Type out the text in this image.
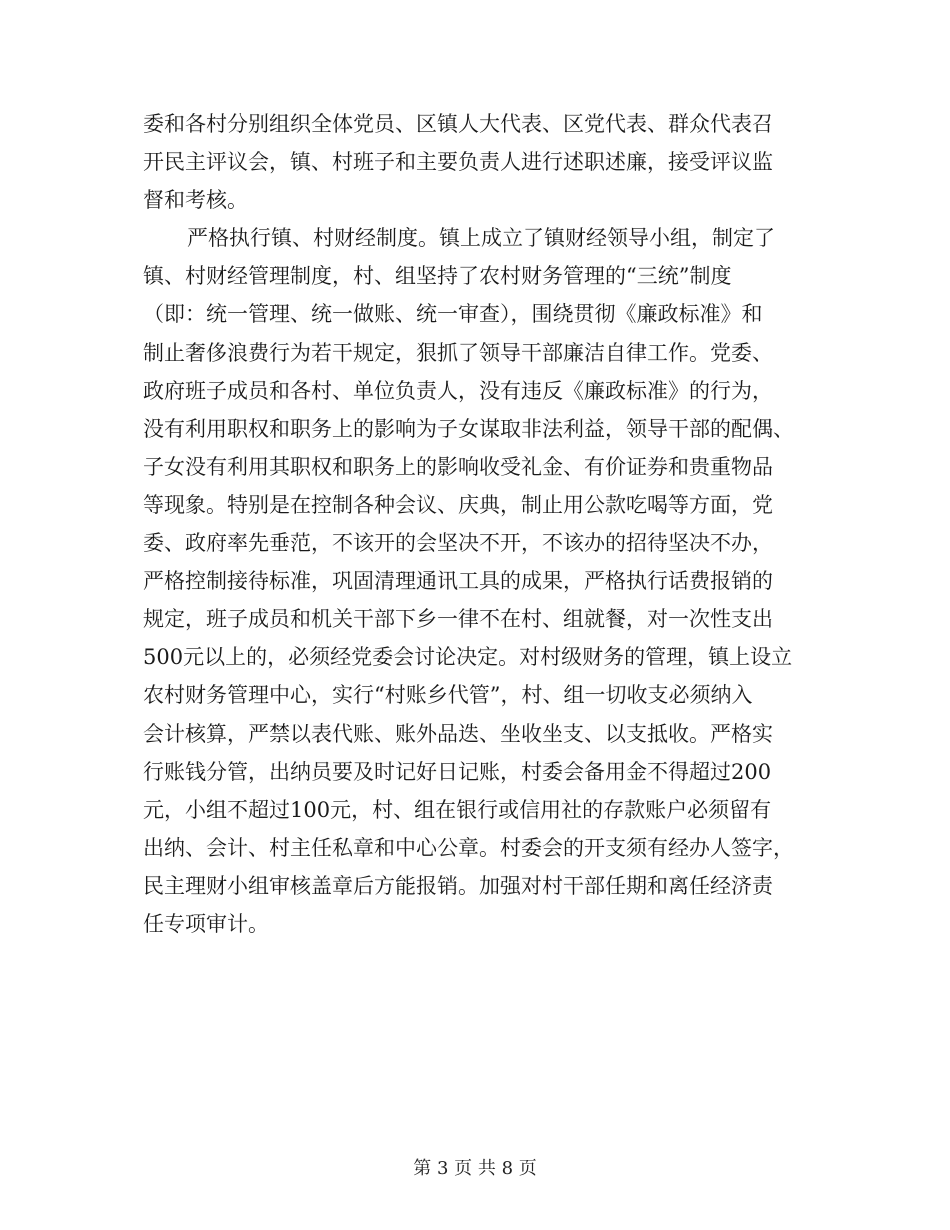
委和各村分别组织全体党员、区镇人大代表、区党代表、群众代表召
开民主评议会，镇、村班子和主要负责人进行述职述廉，接受评议监
督和考核。
严格执行镇、村财经制度。镇上成立了镇财经领导小组，制定了
镇、村财经管理制度，村、组坚持了农村财务管理的“三统”制度
（即：统一管理、统一做账、统一审查），围绕贯彻《廉政标准》和
制止奢侈浪费行为若干规定，狠抓了领导干部廉洁自律工作。党委、
政府班子成员和各村、单位负责人，没有违反《廉政标准》的行为，
没有利用职权和职务上的影响为子女谋取非法利益，领导干部的配偶、
子女没有利用其职权和职务上的影响收受礼金、有价证券和贵重物品
等现象。特别是在控制各种会议、庆典，制止用公款吃喝等方面，党
委、政府率先垂范，不该开的会坚决不开，不该办的招待坚决不办，
严格控制接待标准，巩固清理通讯工具的成果，严格执行话费报销的
规定，班子成员和机关干部下乡一律不在村、组就餐，对一次性支出
500元以上的，必须经党委会讨论决定。对村级财务的管理，镇上设立
农村财务管理中心，实行“村账乡代管”，村、组一切收支必须纳入
会计核算，严禁以表代账、账外品迭、坐收坐支、以支抵收。严格实
行账钱分管，出纳员要及时记好日记账，村委会备用金不得超过200
元，小组不超过100元，村、组在银行或信用社的存款账户必须留有
出纳、会计、村主任私章和中心公章。村委会的开支须有经办人签字，
民主理财小组审核盖章后方能报销。加强对村干部任期和离任经济责
任专项审计。
第 3 页 共 8 页
